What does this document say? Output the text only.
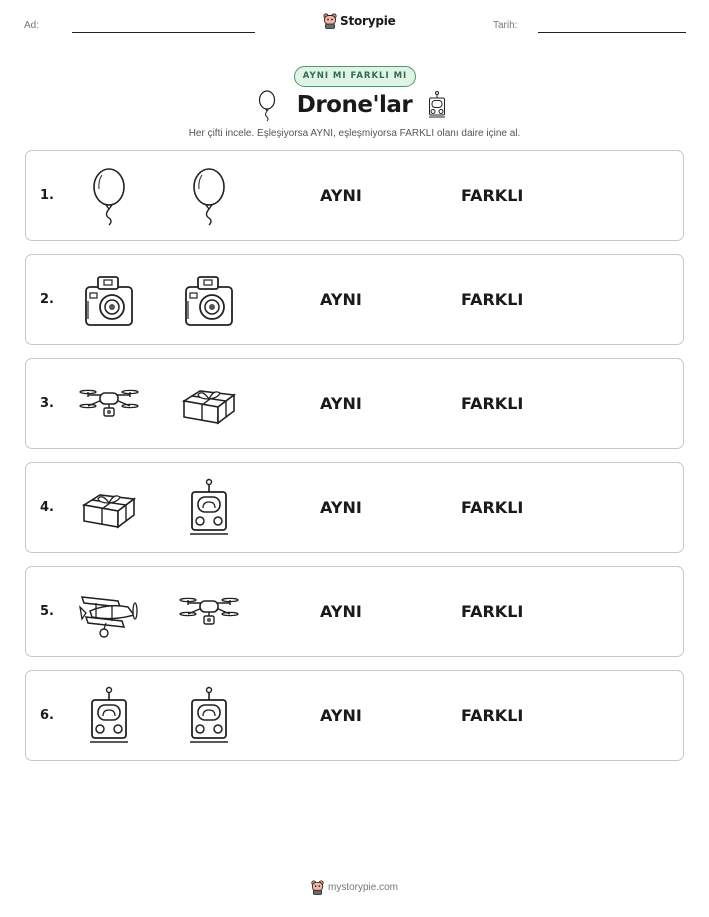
Ad:	Storypie	Tarih:
AYNI MI FARKLI MI
Drone'lar
Her çifti incele. Eşleşiyorsa AYNI, eşleşmiyorsa FARKLI olanı daire içine al.
1.	AYNI	FARKLI
2.	AYNI	FARKLI
3.	AYNI	FARKLI
4.	AYNI	FARKLI
5.	AYNI	FARKLI
6.	AYNI	FARKLI
mystorypie.com
